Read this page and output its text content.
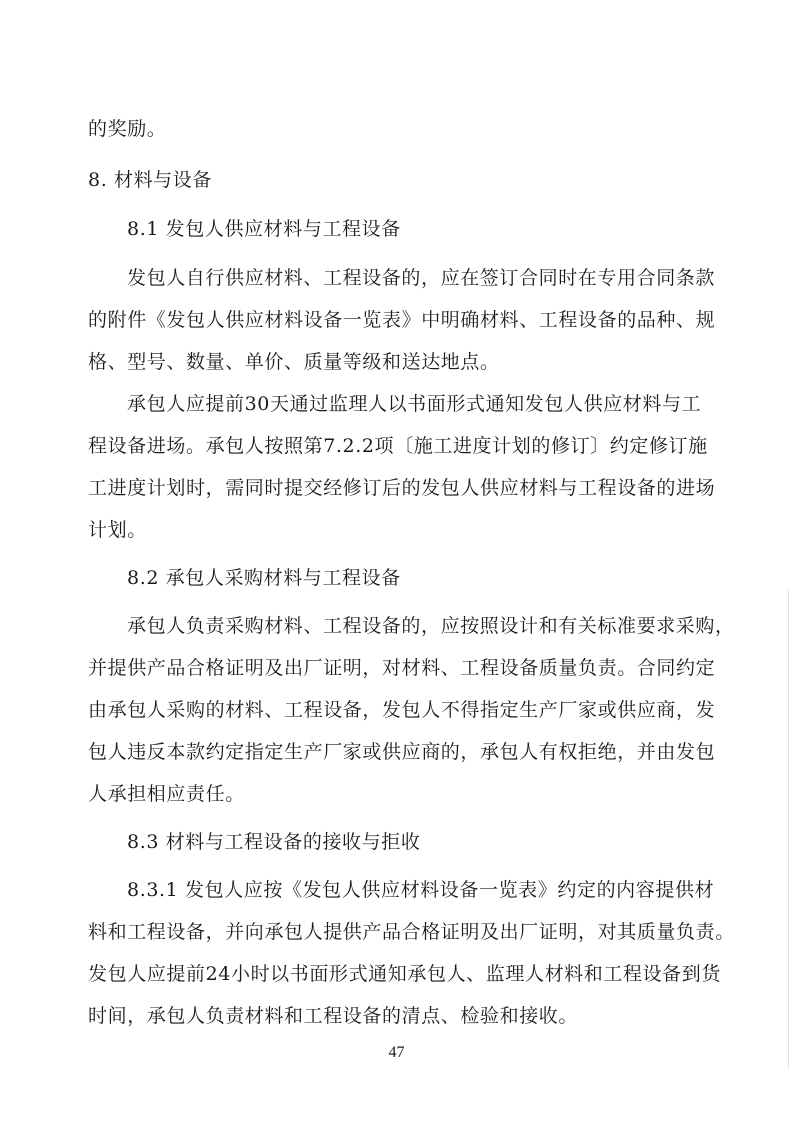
的奖励。
8. 材料与设备
8.1 发包人供应材料与工程设备
发包人自行供应材料、工程设备的，应在签订合同时在专用合同条款
的附件《发包人供应材料设备一览表》中明确材料、工程设备的品种、规
格、型号、数量、单价、质量等级和送达地点。
承包人应提前30天通过监理人以书面形式通知发包人供应材料与工
程设备进场。承包人按照第7.2.2项〔施工进度计划的修订〕约定修订施
工进度计划时，需同时提交经修订后的发包人供应材料与工程设备的进场
计划。
8.2 承包人采购材料与工程设备
承包人负责采购材料、工程设备的，应按照设计和有关标准要求采购，
并提供产品合格证明及出厂证明，对材料、工程设备质量负责。合同约定
由承包人采购的材料、工程设备，发包人不得指定生产厂家或供应商，发
包人违反本款约定指定生产厂家或供应商的，承包人有权拒绝，并由发包
人承担相应责任。
8.3 材料与工程设备的接收与拒收
8.3.1 发包人应按《发包人供应材料设备一览表》约定的内容提供材
料和工程设备，并向承包人提供产品合格证明及出厂证明，对其质量负责。
发包人应提前24小时以书面形式通知承包人、监理人材料和工程设备到货
时间，承包人负责材料和工程设备的清点、检验和接收。
47
